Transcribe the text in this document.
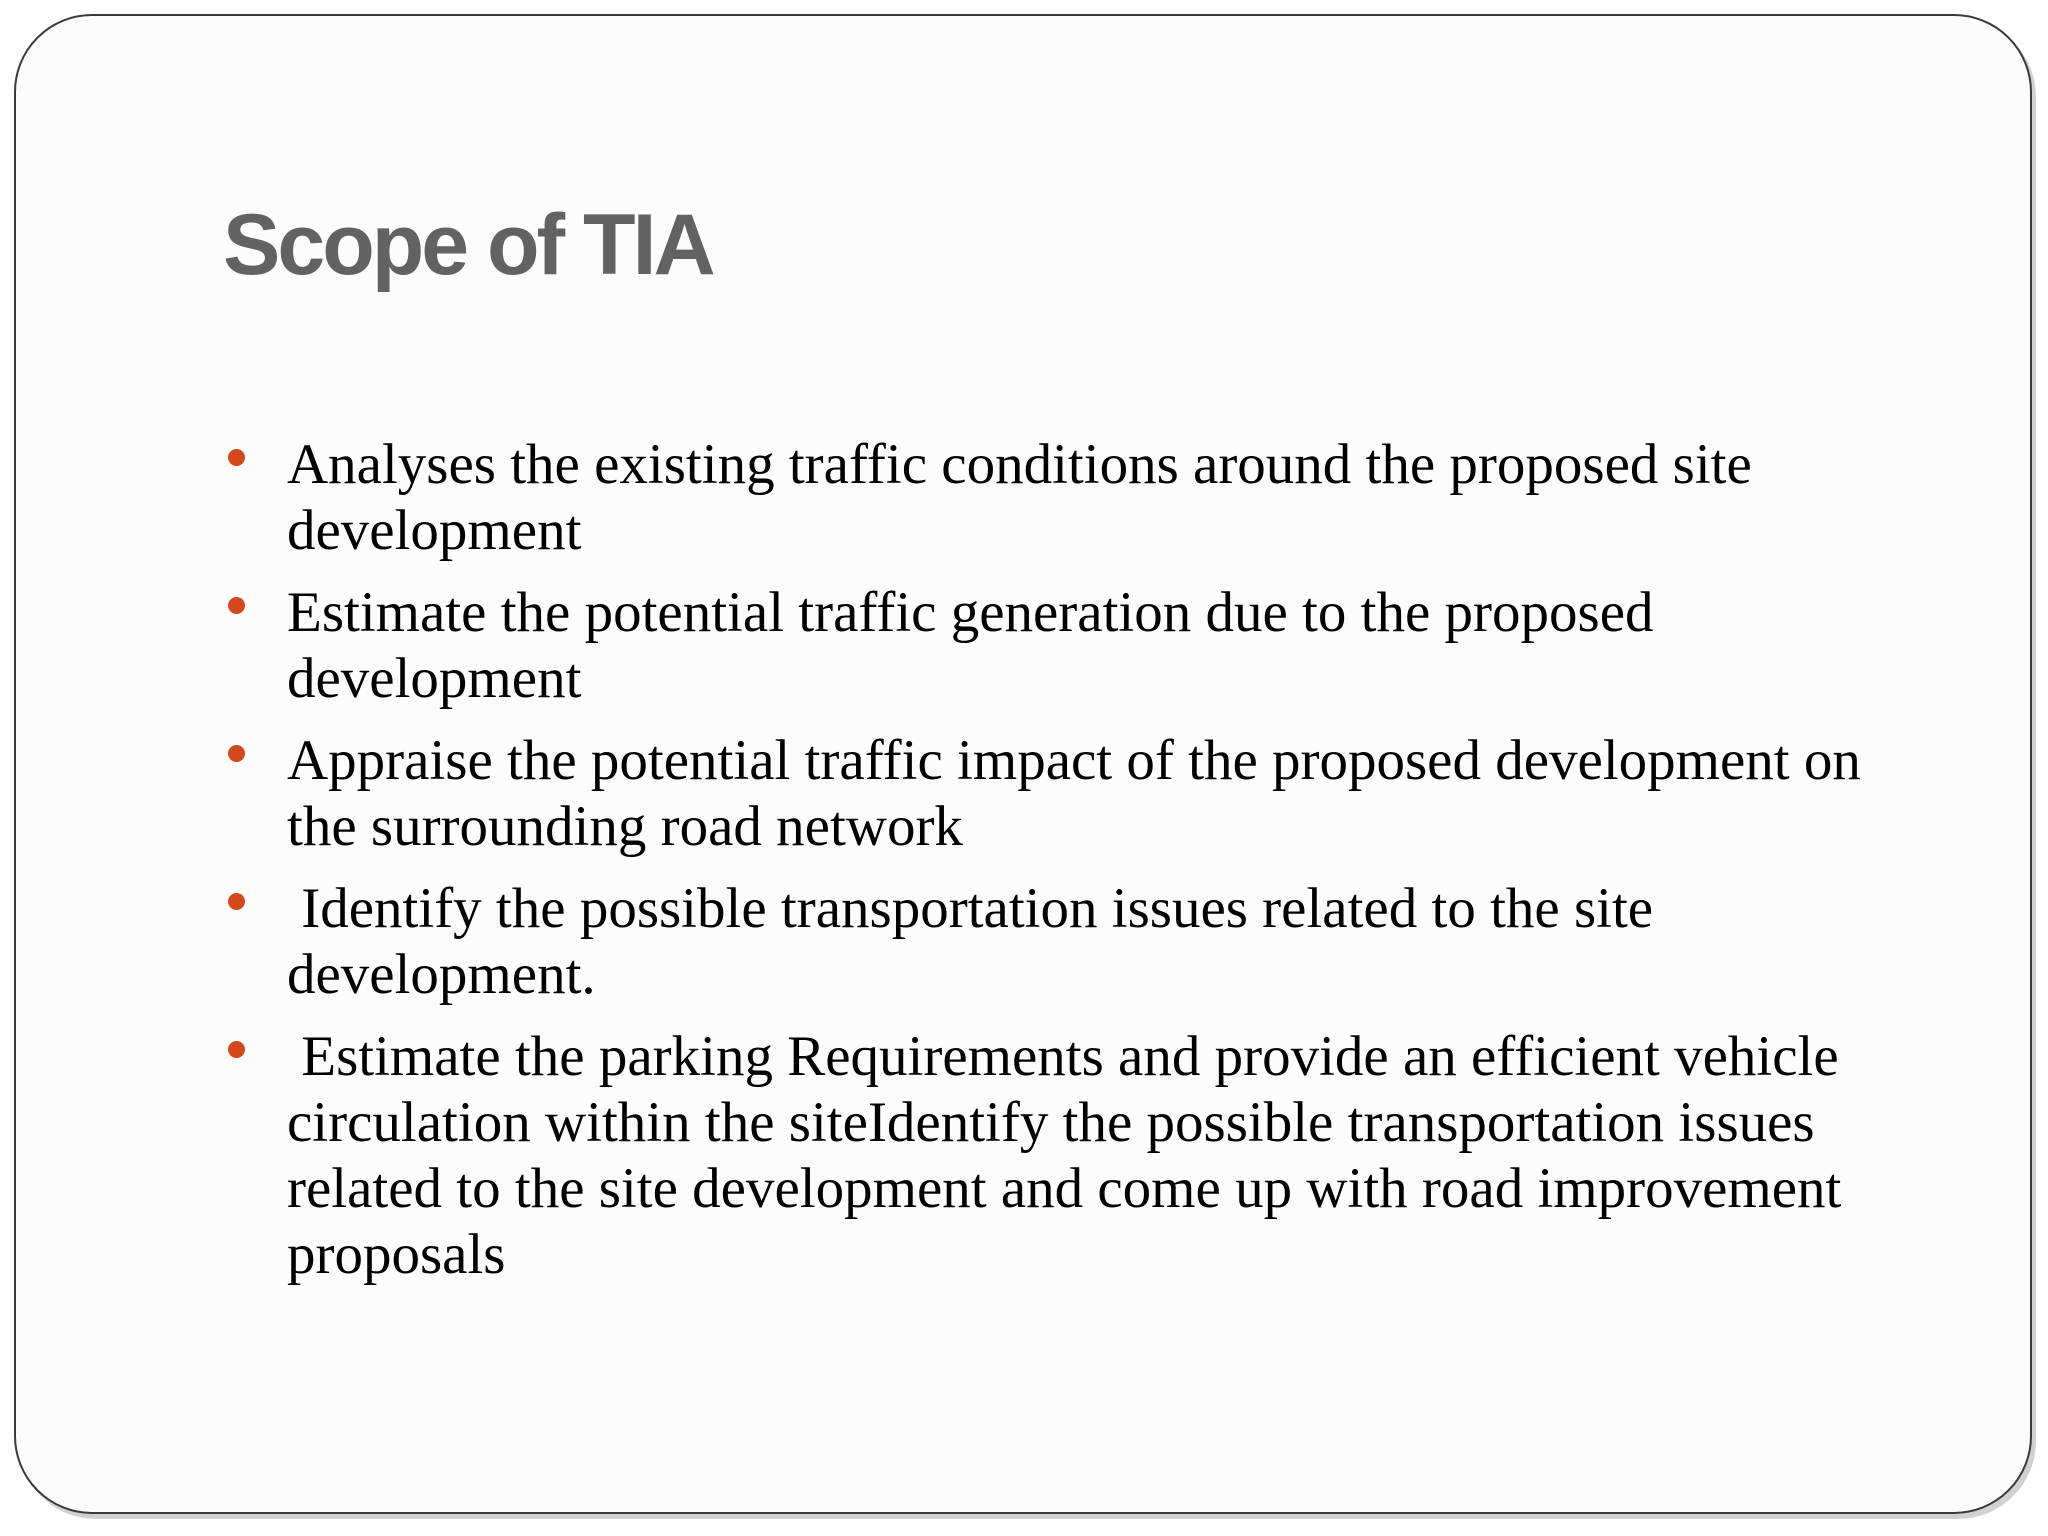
Scope of TIA
Analyses the existing traffic conditions around the proposed site development
Estimate the potential traffic generation due to the proposed development
Appraise the potential traffic impact of the proposed development on the surrounding road network
Identify the possible transportation issues related to the site development.
Estimate the parking Requirements and provide an efficient vehicle circulation within the siteIdentify the possible transportation issues related to the site development and come up with road improvement proposals
